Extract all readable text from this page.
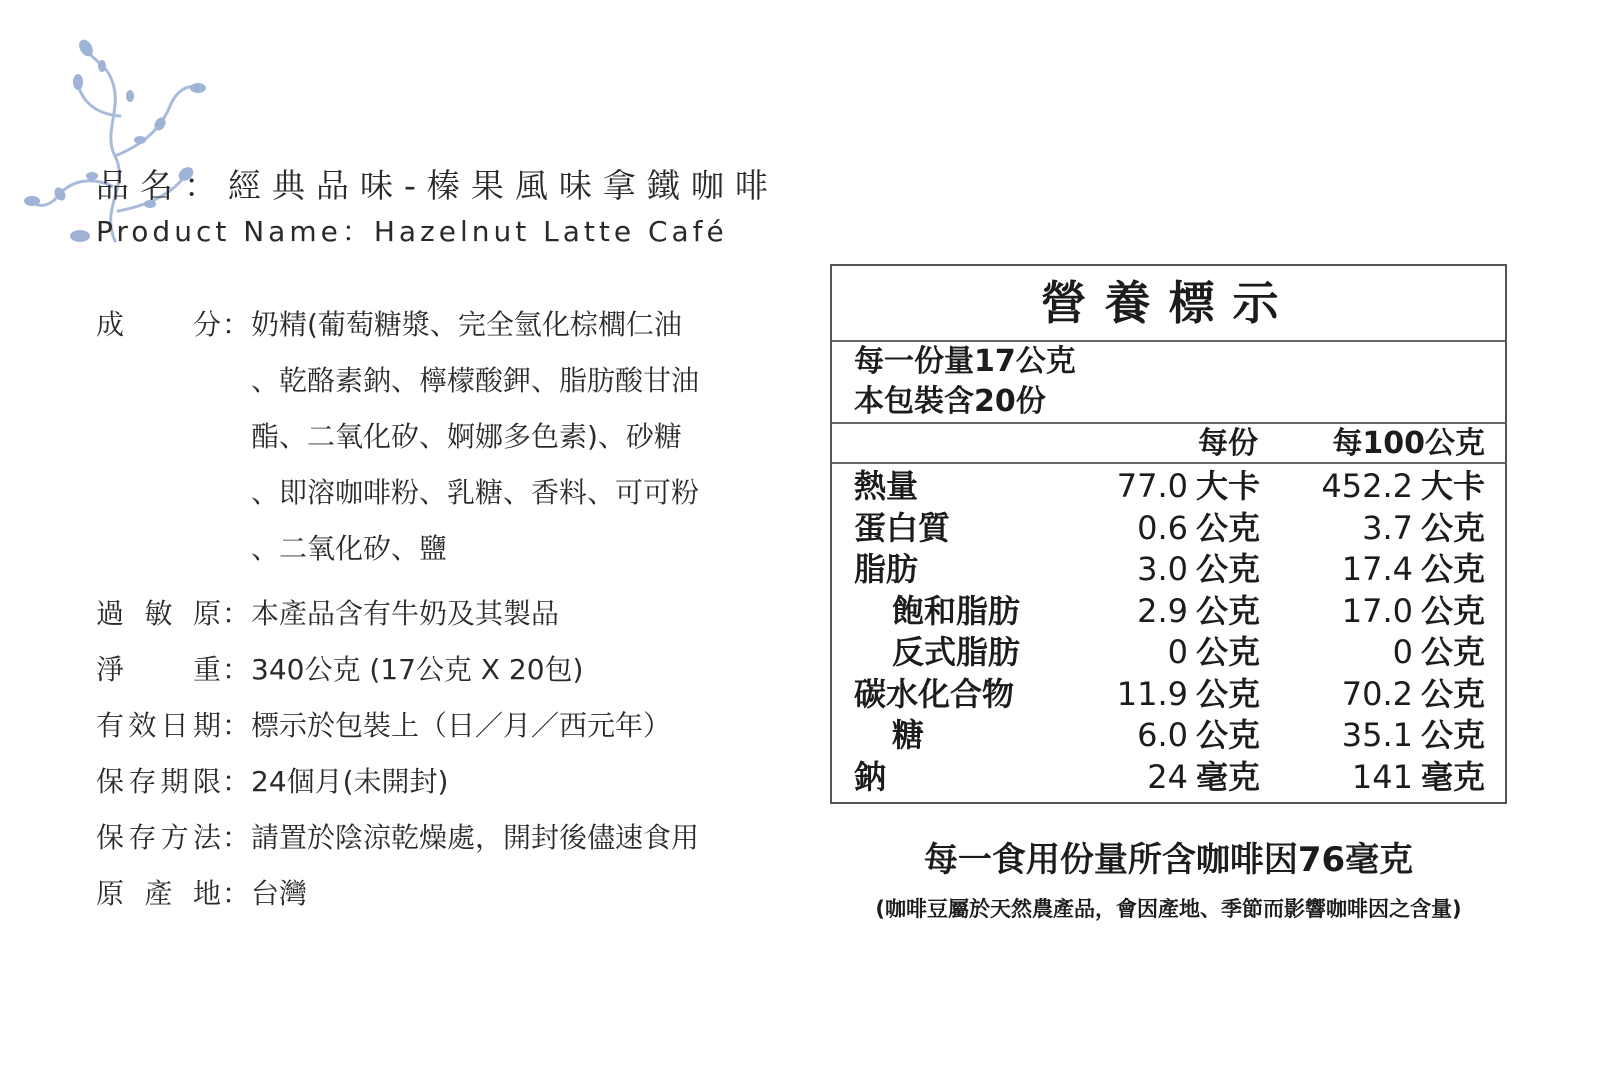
品名：經典品味-榛果風味拿鐵咖啡
Product Name：Hazelnut Latte Café
成 分 ： 奶精(葡萄糖漿、完全氫化棕櫚仁油
、乾酪素鈉、檸檬酸鉀、脂肪酸甘油
酯、二氧化矽、婀娜多色素)、砂糖
、即溶咖啡粉、乳糖、香料、可可粉
、二氧化矽、鹽
過 敏 原 ： 本產品含有牛奶及其製品
淨 重 ： 340公克 (17公克 X 20包)
有 效 日 期 ： 標示於包裝上（日／月／西元年）
保 存 期 限 ： 24個月(未開封)
保 存 方 法 ： 請置於陰涼乾燥處，開封後儘速食用
原 產 地 ： 台灣
營養標示
每一份量17公克
本包裝含20份
每份 每100公克
熱量	77.0 大卡 452.2 大卡
蛋白質	0.6 公克	3.7 公克
脂肪	3.0 公克	17.4 公克
飽和脂肪	2.9 公克	17.0 公克
反式脂肪	0 公克	0 公克
碳水化合物	11.9 公克	70.2 公克
糖	6.0 公克	35.1 公克
鈉	24 毫克	141 毫克
每一食用份量所含咖啡因76毫克
(咖啡豆屬於天然農產品，會因產地、季節而影響咖啡因之含量)
